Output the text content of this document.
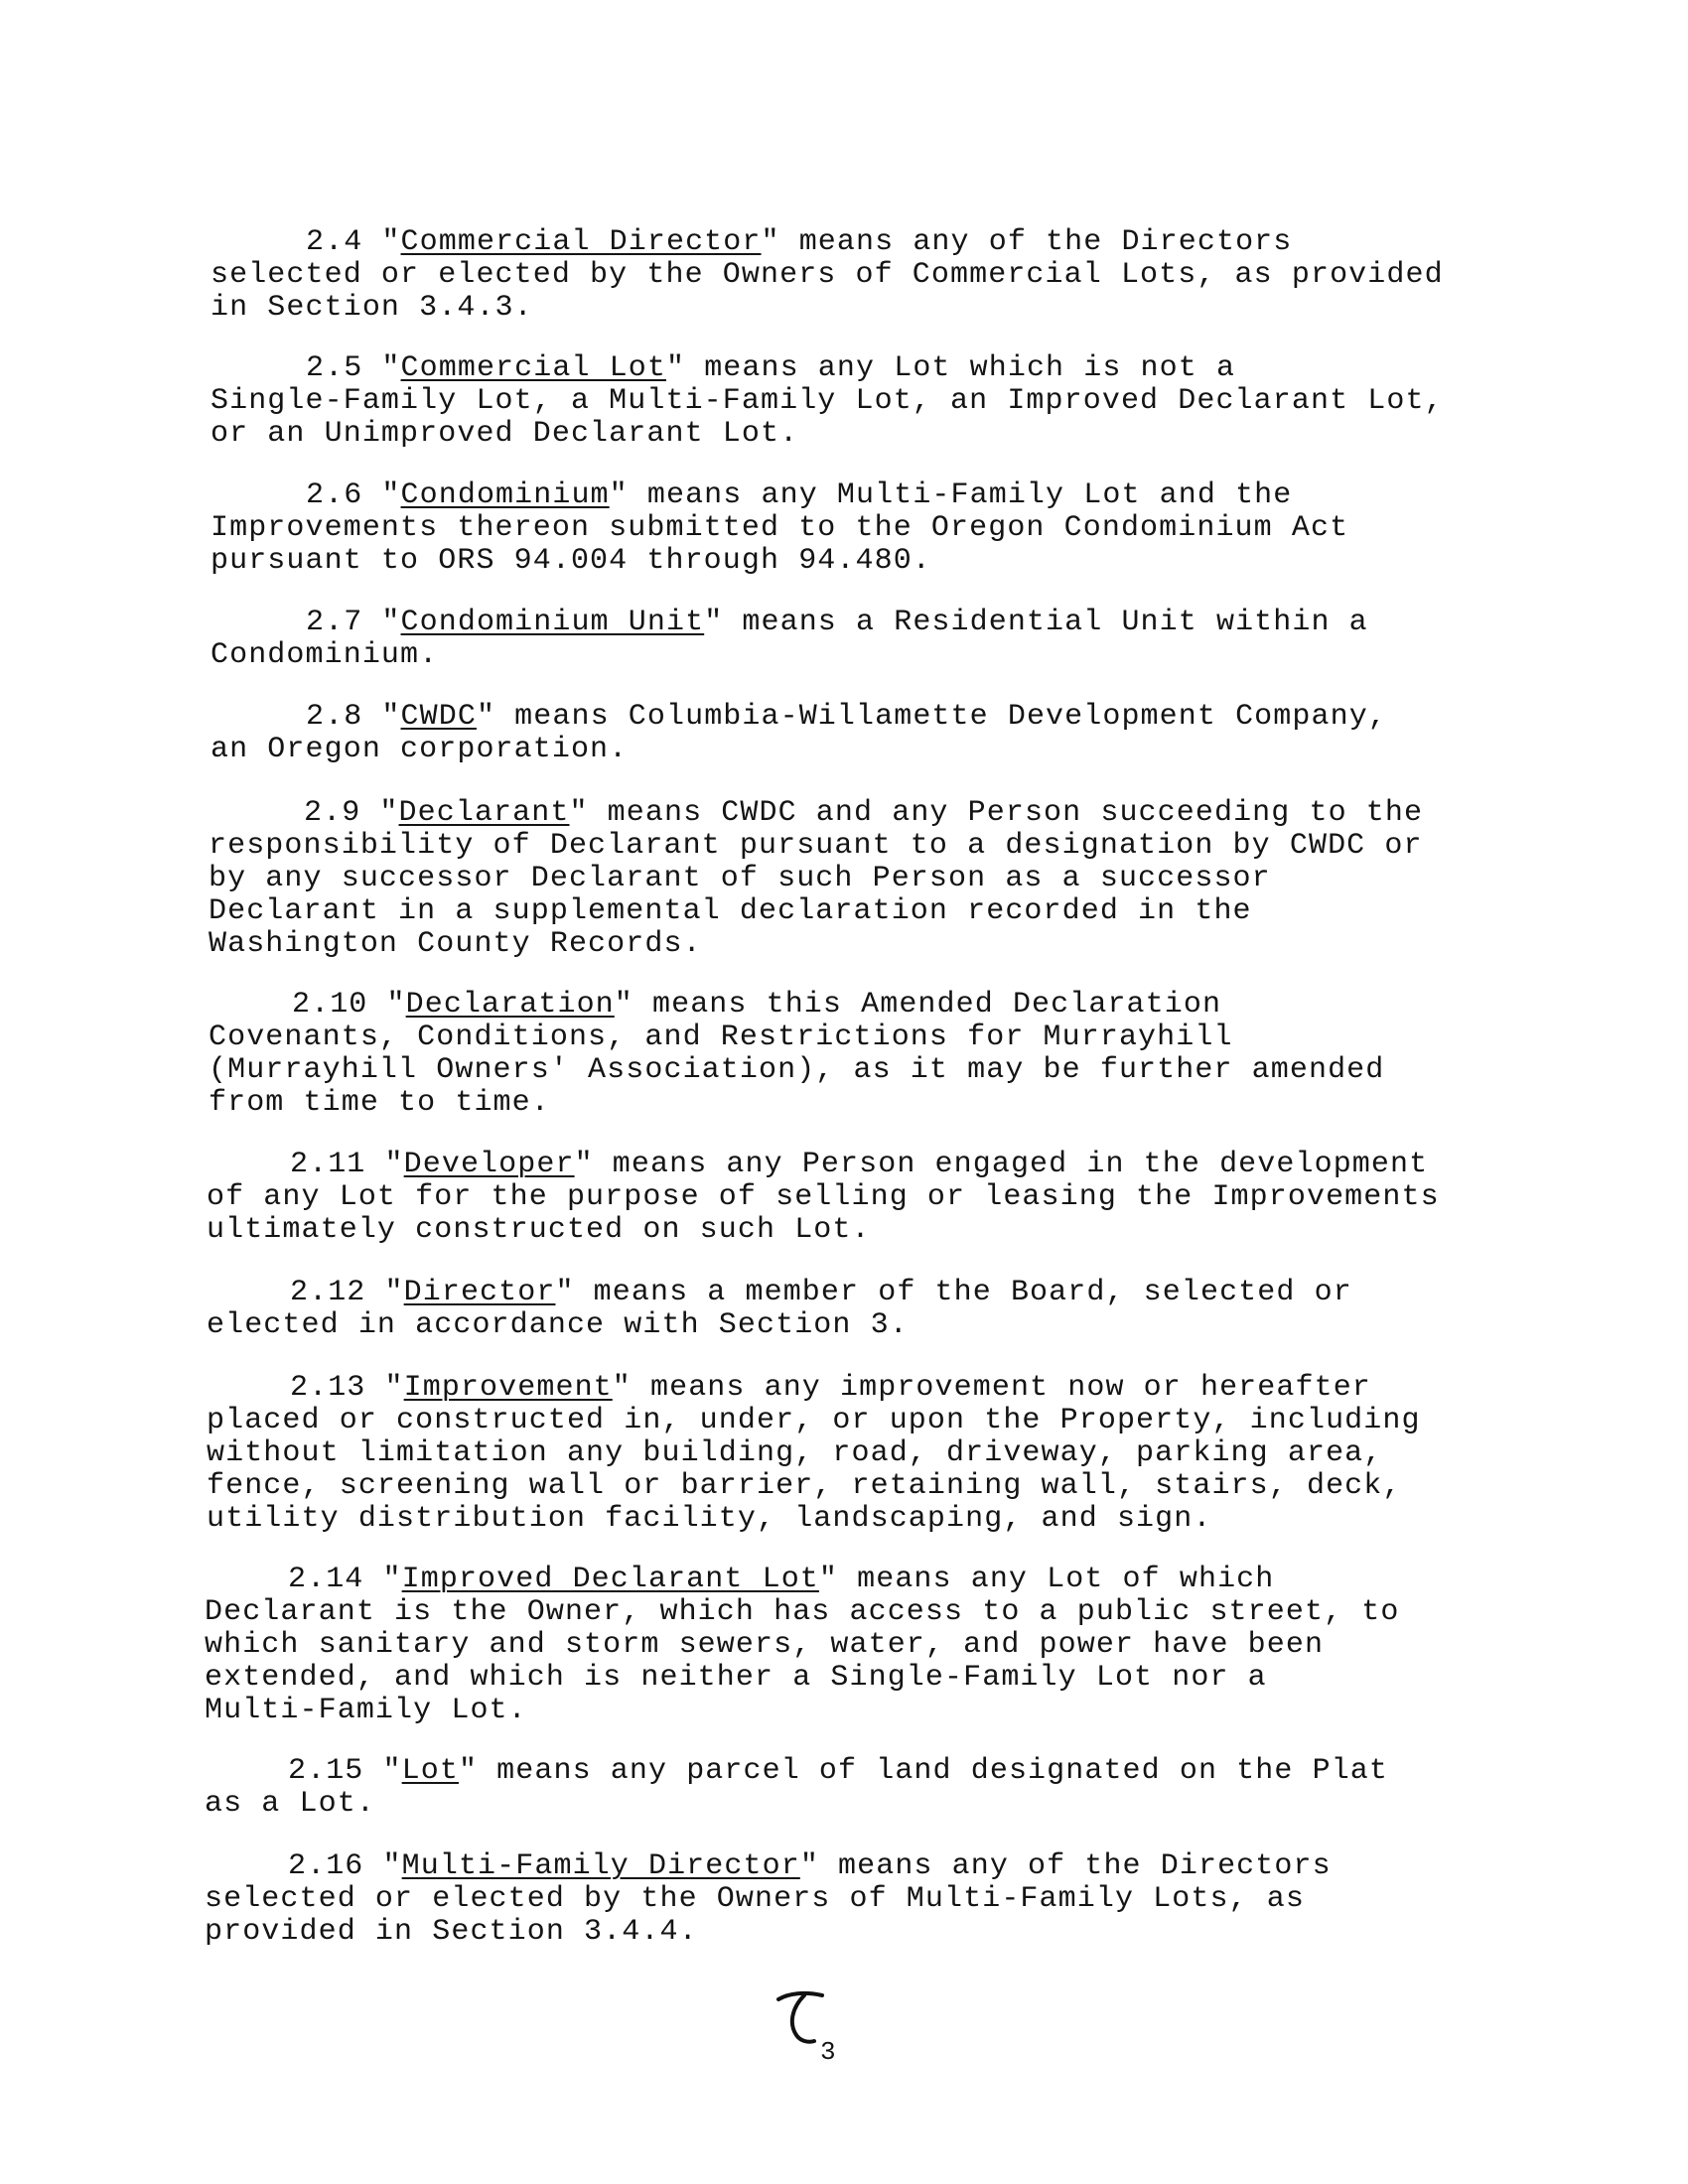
2.4 "Commercial Director" means any of the Directors
selected or elected by the Owners of Commercial Lots, as provided
in Section 3.4.3.
2.5 "Commercial Lot" means any Lot which is not a
Single-Family Lot, a Multi-Family Lot, an Improved Declarant Lot,
or an Unimproved Declarant Lot.
2.6 "Condominium" means any Multi-Family Lot and the
Improvements thereon submitted to the Oregon Condominium Act
pursuant to ORS 94.004 through 94.480.
2.7 "Condominium Unit" means a Residential Unit within a
Condominium.
2.8 "CWDC" means Columbia-Willamette Development Company,
an Oregon corporation.
2.9 "Declarant" means CWDC and any Person succeeding to the
responsibility of Declarant pursuant to a designation by CWDC or
by any successor Declarant of such Person as a successor
Declarant in a supplemental declaration recorded in the
Washington County Records.
2.10 "Declaration" means this Amended Declaration
Covenants, Conditions, and Restrictions for Murrayhill
(Murrayhill Owners' Association), as it may be further amended
from time to time.
2.11 "Developer" means any Person engaged in the development
of any Lot for the purpose of selling or leasing the Improvements
ultimately constructed on such Lot.
2.12 "Director" means a member of the Board, selected or
elected in accordance with Section 3.
2.13 "Improvement" means any improvement now or hereafter
placed or constructed in, under, or upon the Property, including
without limitation any building, road, driveway, parking area,
fence, screening wall or barrier, retaining wall, stairs, deck,
utility distribution facility, landscaping, and sign.
2.14 "Improved Declarant Lot" means any Lot of which
Declarant is the Owner, which has access to a public street, to
which sanitary and storm sewers, water, and power have been
extended, and which is neither a Single-Family Lot nor a
Multi-Family Lot.
2.15 "Lot" means any parcel of land designated on the Plat
as a Lot.
2.16 "Multi-Family Director" means any of the Directors
selected or elected by the Owners of Multi-Family Lots, as
provided in Section 3.4.4.
3
